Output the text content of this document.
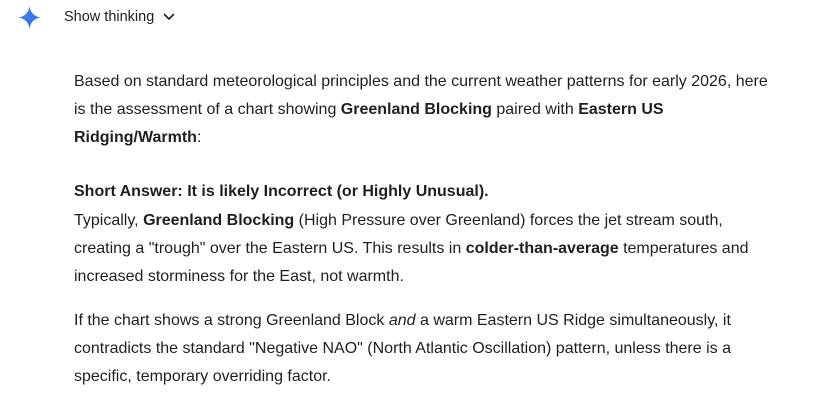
Show thinking

Based on standard meteorological principles and the current weather patterns for early 2026, here is the assessment of a chart showing Greenland Blocking paired with Eastern US Ridging/Warmth:

Short Answer: It is likely Incorrect (or Highly Unusual).

Typically, Greenland Blocking (High Pressure over Greenland) forces the jet stream south, creating a "trough" over the Eastern US. This results in colder-than-average temperatures and increased storminess for the East, not warmth.

If the chart shows a strong Greenland Block and a warm Eastern US Ridge simultaneously, it contradicts the standard "Negative NAO" (North Atlantic Oscillation) pattern, unless there is a specific, temporary overriding factor.
